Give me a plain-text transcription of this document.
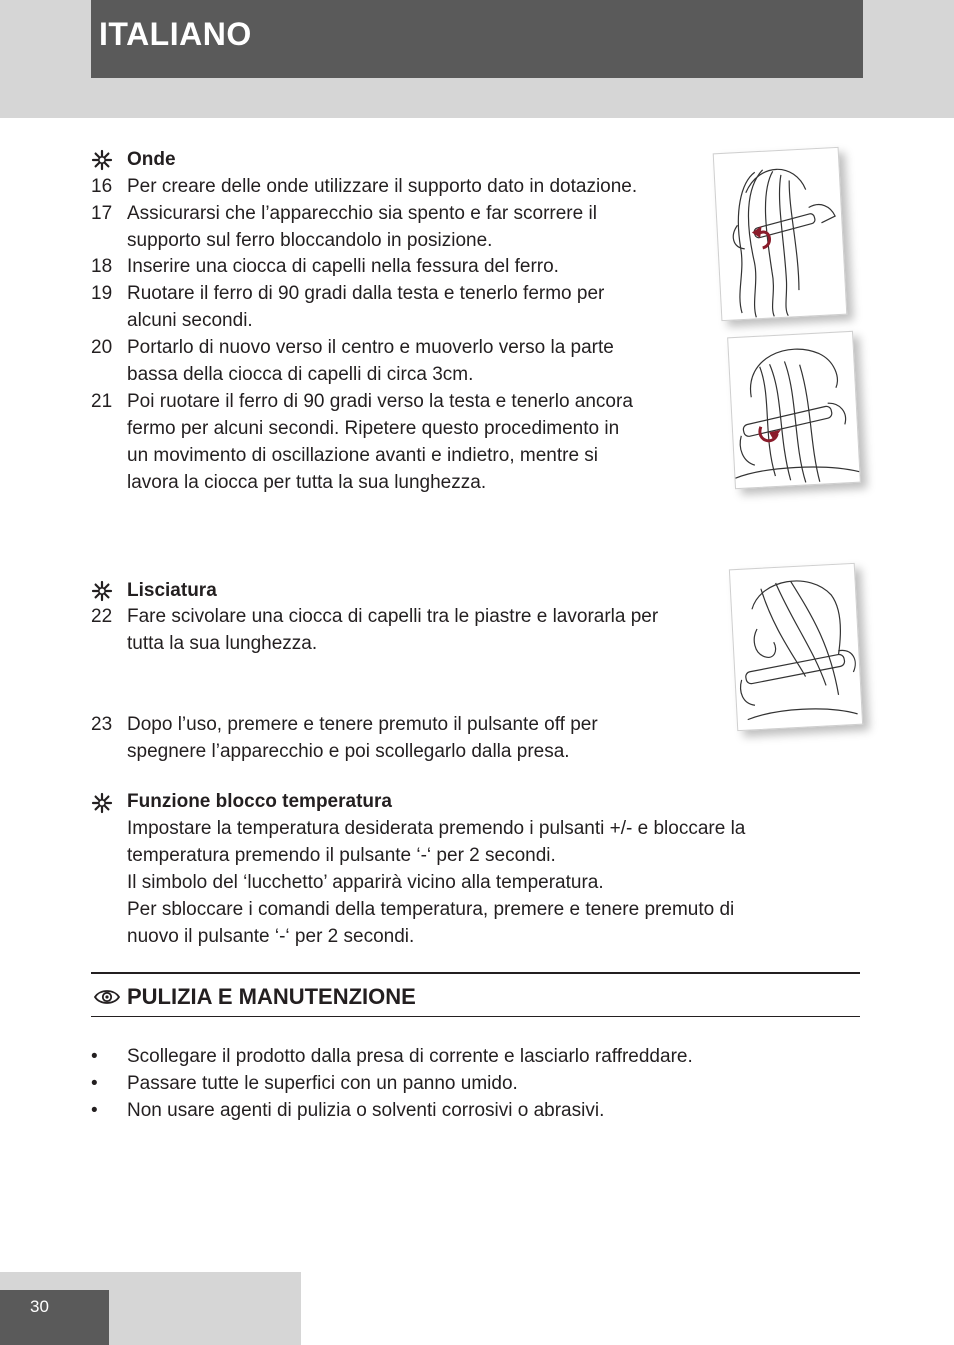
ITALIANO
Onde
16 Per creare delle onde utilizzare il supporto dato in dotazione.
17 Assicurarsi che l’apparecchio sia spento e far scorrere il
supporto sul ferro bloccandolo in posizione.
18 Inserire una ciocca di capelli nella fessura del ferro.
19 Ruotare il ferro di 90 gradi dalla testa e tenerlo fermo per
alcuni secondi.
20 Portarlo di nuovo verso il centro e muoverlo verso la parte
bassa della ciocca di capelli di circa 3cm.
21 Poi ruotare il ferro di 90 gradi verso la testa e tenerlo ancora
fermo per alcuni secondi. Ripetere questo procedimento in
un movimento di oscillazione avanti e indietro, mentre si
lavora la ciocca per tutta la sua lunghezza.
Lisciatura
22 Fare scivolare una ciocca di capelli tra le piastre e lavorarla per
tutta la sua lunghezza.
23 Dopo l’uso, premere e tenere premuto il pulsante off per
spegnere l’apparecchio e poi scollegarlo dalla presa.
Funzione blocco temperatura
Impostare la temperatura desiderata premendo i pulsanti +/- e bloccare la
temperatura premendo il pulsante ‘-‘ per 2 secondi.
Il simbolo del ‘lucchetto’ apparirà vicino alla temperatura.
Per sbloccare i comandi della temperatura, premere e tenere premuto di
nuovo il pulsante ‘-‘ per 2 secondi.
PULIZIA E MANUTENZIONE
• Scollegare il prodotto dalla presa di corrente e lasciarlo raffreddare.
• Passare tutte le superfici con un panno umido.
• Non usare agenti di pulizia o solventi corrosivi o abrasivi.
30
